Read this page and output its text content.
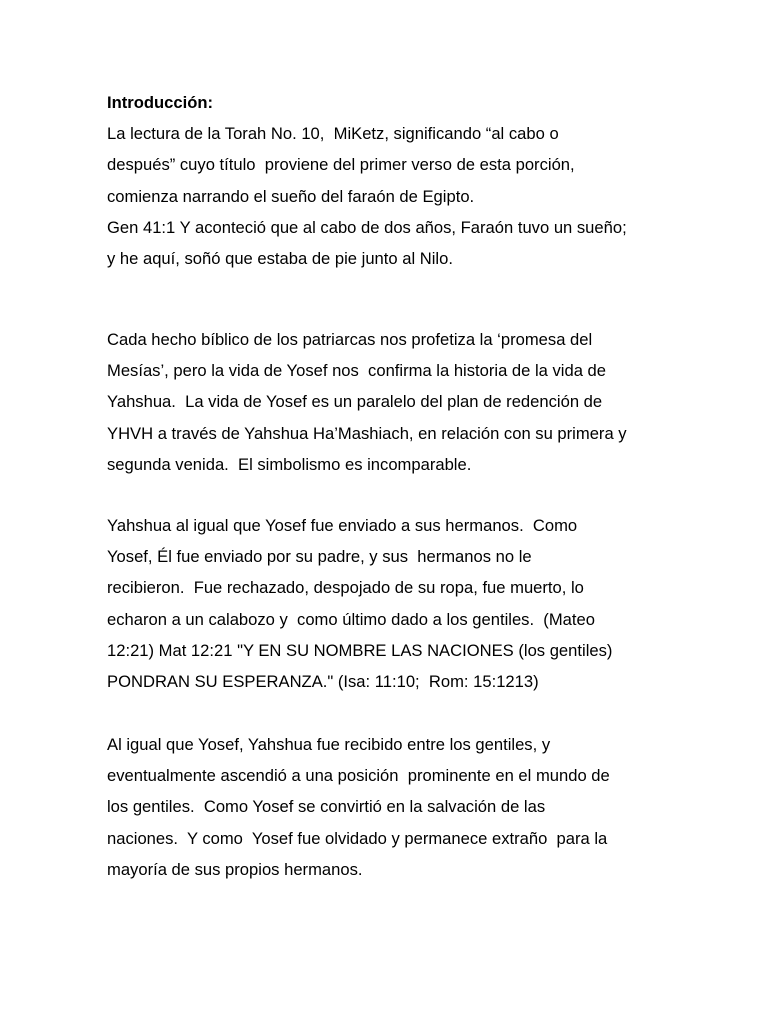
Introducción:
La lectura de la Torah No. 10,  MiKetz, significando “al cabo o
después” cuyo título  proviene del primer verso de esta porción,
comienza narrando el sueño del faraón de Egipto.
Gen 41:1 Y aconteció que al cabo de dos años, Faraón tuvo un sueño;
y he aquí, soñó que estaba de pie junto al Nilo.
Cada hecho bíblico de los patriarcas nos profetiza la ‘promesa del
Mesías’, pero la vida de Yosef nos  confirma la historia de la vida de
Yahshua.  La vida de Yosef es un paralelo del plan de redención de
YHVH a través de Yahshua Ha’Mashiach, en relación con su primera y
segunda venida.  El simbolismo es incomparable.
Yahshua al igual que Yosef fue enviado a sus hermanos.  Como
Yosef, Él fue enviado por su padre, y sus  hermanos no le
recibieron.  Fue rechazado, despojado de su ropa, fue muerto, lo
echaron a un calabozo y  como último dado a los gentiles.  (Mateo
12:21) Mat 12:21 "Y EN SU NOMBRE LAS NACIONES (los gentiles)
PONDRAN SU ESPERANZA." (Isa: 11:10;  Rom: 15:1213)
Al igual que Yosef, Yahshua fue recibido entre los gentiles, y
eventualmente ascendió a una posición  prominente en el mundo de
los gentiles.  Como Yosef se convirtió en la salvación de las
naciones.  Y como  Yosef fue olvidado y permanece extraño  para la
mayoría de sus propios hermanos.
